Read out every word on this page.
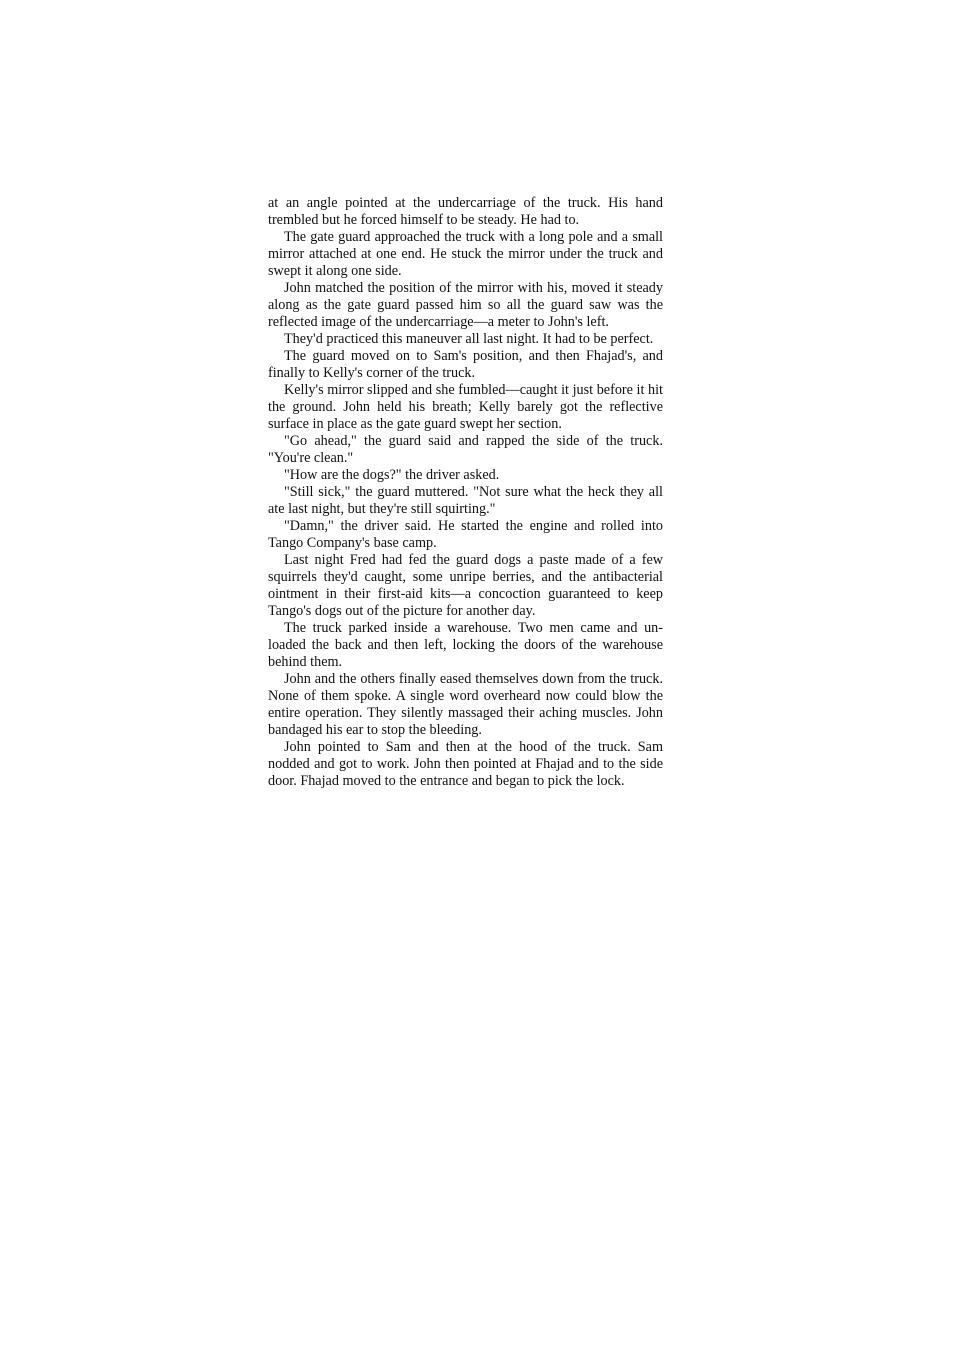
at an angle pointed at the undercarriage of the truck. His hand trembled but he forced himself to be steady. He had to.

The gate guard approached the truck with a long pole and a small mirror attached at one end. He stuck the mirror under the truck and swept it along one side.

John matched the position of the mirror with his, moved it steady along as the gate guard passed him so all the guard saw was the reflected image of the undercarriage—a meter to John's left.

They'd practiced this maneuver all last night. It had to be perfect.

The guard moved on to Sam's position, and then Fhajad's, and finally to Kelly's corner of the truck.

Kelly's mirror slipped and she fumbled—caught it just before it hit the ground. John held his breath; Kelly barely got the reflective surface in place as the gate guard swept her section.

"Go ahead," the guard said and rapped the side of the truck. "You're clean."

"How are the dogs?" the driver asked.

"Still sick," the guard muttered. "Not sure what the heck they all ate last night, but they're still squirting."

"Damn," the driver said. He started the engine and rolled into Tango Company's base camp.

Last night Fred had fed the guard dogs a paste made of a few squirrels they'd caught, some unripe berries, and the antibacterial ointment in their first-aid kits—a concoction guaranteed to keep Tango's dogs out of the picture for another day.

The truck parked inside a warehouse. Two men came and unloaded the back and then left, locking the doors of the warehouse behind them.

John and the others finally eased themselves down from the truck. None of them spoke. A single word overheard now could blow the entire operation. They silently massaged their aching muscles. John bandaged his ear to stop the bleeding.

John pointed to Sam and then at the hood of the truck. Sam nodded and got to work. John then pointed at Fhajad and to the side door. Fhajad moved to the entrance and began to pick the lock.
